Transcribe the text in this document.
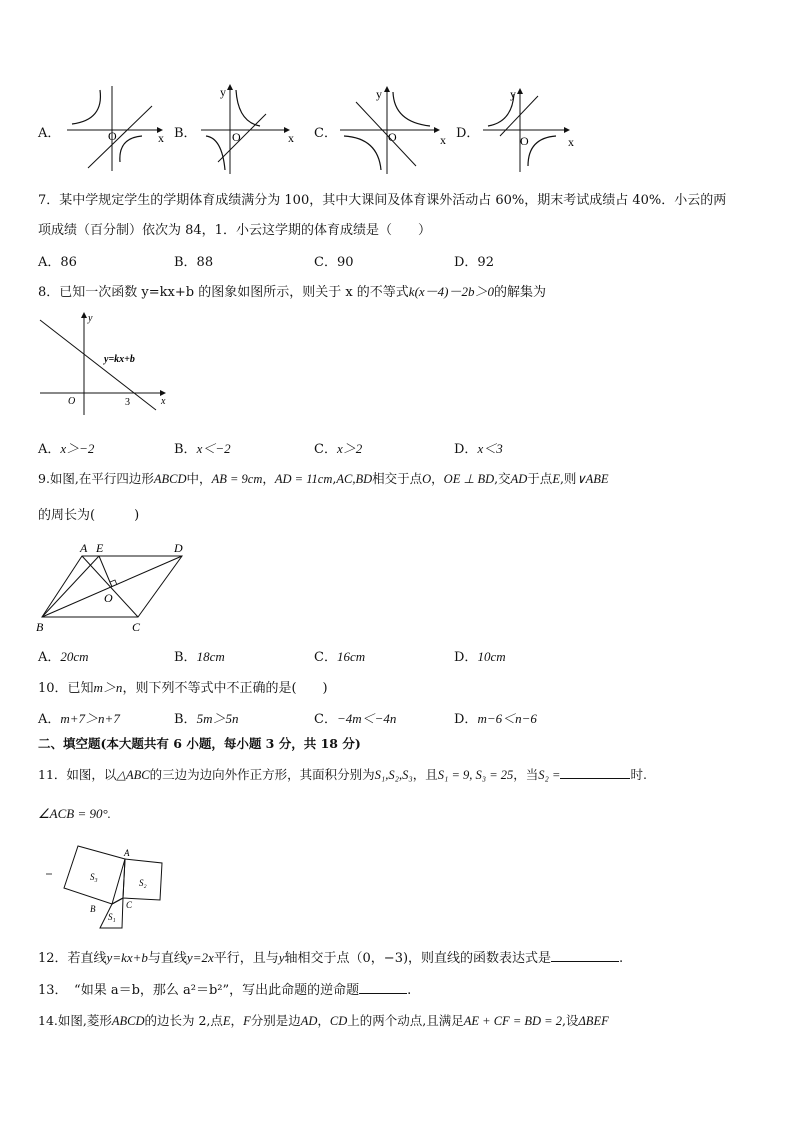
A．	O	x B．
y
O	x C．
y
O	x D．
y
O	x
7．某中学规定学生的学期体育成绩满分为 100，其中大课间及体育课外活动占 60%，期末考试成绩占 40%．小云的两
项成绩（百分制）依次为 84，1．小云这学期的体育成绩是（　　）
A．86	B．88	C．90	D．92
8．已知一次函数 y=kx+b 的图象如图所示，则关于 x 的不等式k(x－4)－2b＞0的解集为
y
y=kx+b
O	3	x
A．x＞−2	B．x＜−2	C．x＞2	D．x＜3
9.如图,在平行四边形ABCD中，AB = 9cm，AD = 11cm,AC,BD相交于点O，OE ⊥ BD,交AD于点E,则∨ABE
的周长为(　　　)
A E	D
O
B	C
A．20cm	B．18cm	C．16cm	D．10cm
10．已知m＞n，则下列不等式中不正确的是(　　)
A．m+7＞n+7	B．5m＞5n	C．−4m＜−4n	D．m−6＜n−6
二、填空题(本大题共有 6 小题，每小题 3 分，共 18 分)
11．如图，以△ABC的三边为边向外作正方形，其面积分别为S₁,S₂,S₃，且S₁ = 9, S₃ = 25，当S₂ =	时.
∠ACB = 90°.
S₃
S₂
S₁
A
B	C
12．若直线y=kx+b与直线y=2x平行，且与y轴相交于点（0，−3)，则直线的函数表达式是	.
13．　“如果 a＝b，那么 a²＝b²”，写出此命题的逆命题	.
14.如图,菱形ABCD的边长为 2,点E，F分别是边AD，CD上的两个动点,且满足AE + CF = BD = 2,设ΔBEF
